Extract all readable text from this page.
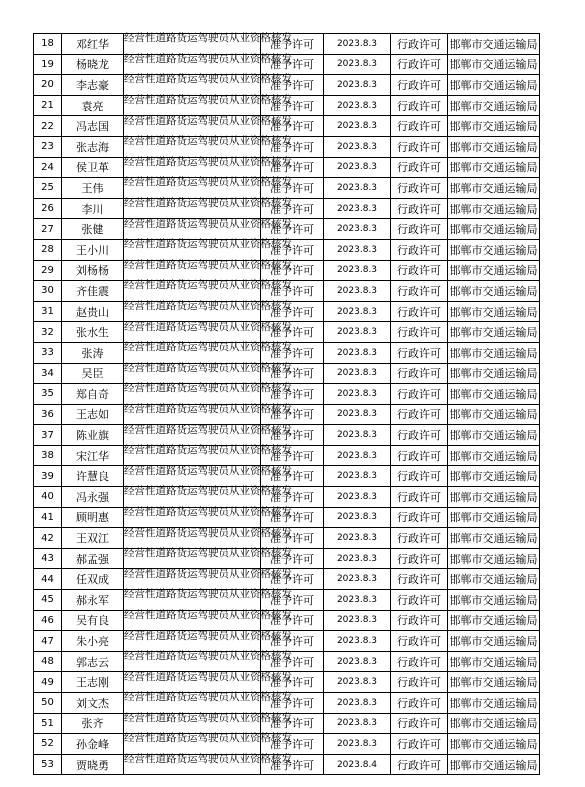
18	邓红华	经营性道路货运驾驶员从业资格核发	准予许可	2023.8.3	行政许可	邯郸市交通运输局
19	杨晓龙	经营性道路货运驾驶员从业资格核发	准予许可	2023.8.3	行政许可	邯郸市交通运输局
20	李志豪	经营性道路货运驾驶员从业资格核发	准予许可	2023.8.3	行政许可	邯郸市交通运输局
21	袁亮	经营性道路货运驾驶员从业资格核发	准予许可	2023.8.3	行政许可	邯郸市交通运输局
22	冯志国	经营性道路货运驾驶员从业资格核发	准予许可	2023.8.3	行政许可	邯郸市交通运输局
23	张志海	经营性道路货运驾驶员从业资格核发	准予许可	2023.8.3	行政许可	邯郸市交通运输局
24	侯卫革	经营性道路货运驾驶员从业资格核发	准予许可	2023.8.3	行政许可	邯郸市交通运输局
25	王伟	经营性道路货运驾驶员从业资格核发	准予许可	2023.8.3	行政许可	邯郸市交通运输局
26	李川	经营性道路货运驾驶员从业资格核发	准予许可	2023.8.3	行政许可	邯郸市交通运输局
27	张健	经营性道路货运驾驶员从业资格核发	准予许可	2023.8.3	行政许可	邯郸市交通运输局
28	王小川	经营性道路货运驾驶员从业资格核发	准予许可	2023.8.3	行政许可	邯郸市交通运输局
29	刘杨杨	经营性道路货运驾驶员从业资格核发	准予许可	2023.8.3	行政许可	邯郸市交通运输局
30	齐佳震	经营性道路货运驾驶员从业资格核发	准予许可	2023.8.3	行政许可	邯郸市交通运输局
31	赵贵山	经营性道路货运驾驶员从业资格核发	准予许可	2023.8.3	行政许可	邯郸市交通运输局
32	张水生	经营性道路货运驾驶员从业资格核发	准予许可	2023.8.3	行政许可	邯郸市交通运输局
33	张涛	经营性道路货运驾驶员从业资格核发	准予许可	2023.8.3	行政许可	邯郸市交通运输局
34	吴臣	经营性道路货运驾驶员从业资格核发	准予许可	2023.8.3	行政许可	邯郸市交通运输局
35	郑自奇	经营性道路货运驾驶员从业资格核发	准予许可	2023.8.3	行政许可	邯郸市交通运输局
36	王志如	经营性道路货运驾驶员从业资格核发	准予许可	2023.8.3	行政许可	邯郸市交通运输局
37	陈业旗	经营性道路货运驾驶员从业资格核发	准予许可	2023.8.3	行政许可	邯郸市交通运输局
38	宋江华	经营性道路货运驾驶员从业资格核发	准予许可	2023.8.3	行政许可	邯郸市交通运输局
39	许慧良	经营性道路货运驾驶员从业资格核发	准予许可	2023.8.3	行政许可	邯郸市交通运输局
40	冯永强	经营性道路货运驾驶员从业资格核发	准予许可	2023.8.3	行政许可	邯郸市交通运输局
41	顾明惠	经营性道路货运驾驶员从业资格核发	准予许可	2023.8.3	行政许可	邯郸市交通运输局
42	王双江	经营性道路货运驾驶员从业资格核发	准予许可	2023.8.3	行政许可	邯郸市交通运输局
43	郝孟强	经营性道路货运驾驶员从业资格核发	准予许可	2023.8.3	行政许可	邯郸市交通运输局
44	任双成	经营性道路货运驾驶员从业资格核发	准予许可	2023.8.3	行政许可	邯郸市交通运输局
45	郝永军	经营性道路货运驾驶员从业资格核发	准予许可	2023.8.3	行政许可	邯郸市交通运输局
46	吴有良	经营性道路货运驾驶员从业资格核发	准予许可	2023.8.3	行政许可	邯郸市交通运输局
47	朱小亮	经营性道路货运驾驶员从业资格核发	准予许可	2023.8.3	行政许可	邯郸市交通运输局
48	郭志云	经营性道路货运驾驶员从业资格核发	准予许可	2023.8.3	行政许可	邯郸市交通运输局
49	王志刚	经营性道路货运驾驶员从业资格核发	准予许可	2023.8.3	行政许可	邯郸市交通运输局
50	刘文杰	经营性道路货运驾驶员从业资格核发	准予许可	2023.8.3	行政许可	邯郸市交通运输局
51	张齐	经营性道路货运驾驶员从业资格核发	准予许可	2023.8.3	行政许可	邯郸市交通运输局
52	孙金峰	经营性道路货运驾驶员从业资格核发	准予许可	2023.8.3	行政许可	邯郸市交通运输局
53	贾晓勇	经营性道路货运驾驶员从业资格核发	准予许可	2023.8.4	行政许可	邯郸市交通运输局
